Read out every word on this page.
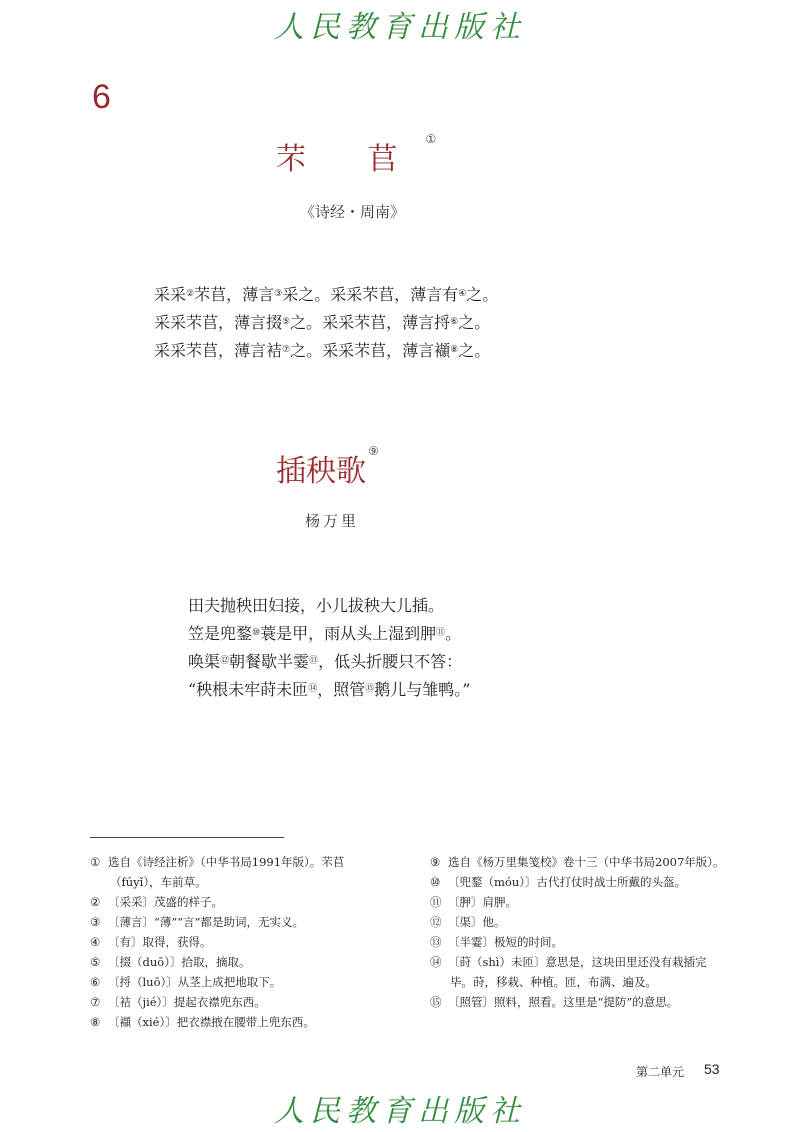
人民教育出版社
6
芣 苢①
《诗经・周南》
采采②芣苢，薄言③采之。采采芣苢，薄言有④之。
采采芣苢，薄言掇⑤之。采采芣苢，薄言捋⑥之。
采采芣苢，薄言袺⑦之。采采芣苢，薄言襭⑧之。
插秧歌⑨
杨万里
田夫抛秧田妇接，小儿拔秧大儿插。
笠是兜鍪⑩蓑是甲，雨从头上湿到胛⑪。
唤渠⑫朝餐歇半霎⑬，低头折腰只不答：
“秧根未牢莳未匝⑭，照管⑮鹅儿与雏鸭。”
① 选自《诗经注析》（中华书局1991年版）。芣苢
（fúyǐ），车前草。
② 〔采采〕茂盛的样子。
③ 〔薄言〕“薄”“言”都是助词，无实义。
④ 〔有〕取得，获得。
⑤ 〔掇（duō）〕拾取，摘取。
⑥ 〔捋（luō）〕从茎上成把地取下。
⑦ 〔袺（jié）〕提起衣襟兜东西。
⑧ 〔襭（xié）〕把衣襟掖在腰带上兜东西。
⑨ 选自《杨万里集笺校》卷十三（中华书局2007年版）。
⑩ 〔兜鍪（móu）〕古代打仗时战士所戴的头盔。
⑪ 〔胛〕肩胛。
⑫ 〔渠〕他。
⑬ 〔半霎〕极短的时间。
⑭ 〔莳（shì）未匝〕意思是，这块田里还没有栽插完
毕。莳，移栽、种植。匝，布满、遍及。
⑮ 〔照管〕照料，照看。这里是“提防”的意思。
第二单元 53
人民教育出版社
